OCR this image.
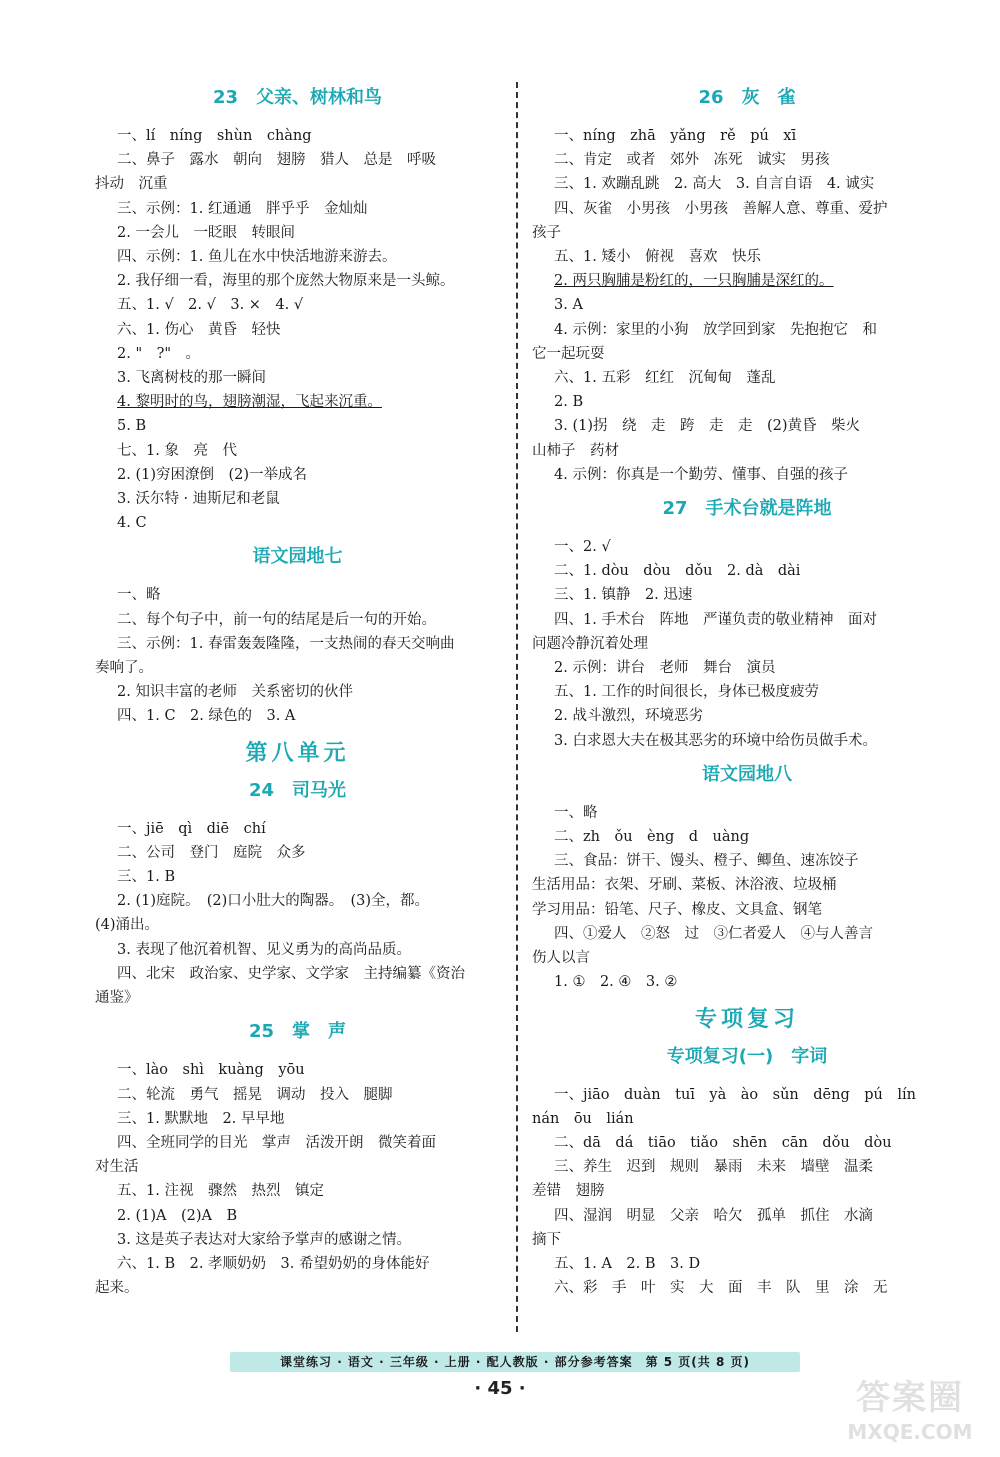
23　父亲、树林和鸟
一、lí　níng　shùn　chàng
二、鼻子　露水　朝向　翅膀　猎人　总是　呼吸
抖动　沉重
三、示例：1. 红通通　胖乎乎　金灿灿
2. 一会儿　一眨眼　转眼间
四、示例：1. 鱼儿在水中快活地游来游去。
2. 我仔细一看，海里的那个庞然大物原来是一头鲸。
五、1. √　2. √　3. ×　4. √
六、1. 伤心　黄昏　轻快
2. "　?"　。
3. 飞离树枝的那一瞬间
4. 黎明时的鸟，翅膀潮湿，飞起来沉重。
5. B
七、1. 象　亮　代
2. (1)穷困潦倒　(2)一举成名
3. 沃尔特 · 迪斯尼和老鼠
4. C
语文园地七
一、略
二、每个句子中，前一句的结尾是后一句的开始。
三、示例：1. 春雷轰轰隆隆，一支热闹的春天交响曲
奏响了。
2. 知识丰富的老师　关系密切的伙伴
四、1. C　2. 绿色的　3. A
第八单元
24　司马光
一、jiē　qì　diē　chí
二、公司　登门　庭院　众多
三、1. B
2. (1)庭院。　(2)口小肚大的陶器。　(3)全，都。
(4)涌出。
3. 表现了他沉着机智、见义勇为的高尚品质。
四、北宋　政治家、史学家、文学家　主持编纂《资治
通鉴》
25　掌　声
一、lào　shì　kuàng　yōu
二、轮流　勇气　摇晃　调动　投入　腿脚
三、1. 默默地　2. 早早地
四、全班同学的目光　掌声　活泼开朗　微笑着面
对生活
五、1. 注视　骤然　热烈　镇定
2. (1)A　(2)A　B
3. 这是英子表达对大家给予掌声的感谢之情。
六、1. B　2. 孝顺奶奶　3. 希望奶奶的身体能好
起来。
26　灰　雀
一、níng　zhā　yǎng　rě　pú　xī
二、肯定　或者　郊外　冻死　诚实　男孩
三、1. 欢蹦乱跳　2. 高大　3. 自言自语　4. 诚实
四、灰雀　小男孩　小男孩　善解人意、尊重、爱护
孩子
五、1. 矮小　俯视　喜欢　快乐
2. 两只胸脯是粉红的，一只胸脯是深红的。
3. A
4. 示例：家里的小狗　放学回到家　先抱抱它　和
它一起玩耍
六、1. 五彩　红红　沉甸甸　蓬乱
2. B
3. (1)拐　绕　走　跨　走　走　(2)黄昏　柴火
山柿子　药材
4. 示例：你真是一个勤劳、懂事、自强的孩子
27　手术台就是阵地
一、2. √
二、1. dòu　dòu　dǒu　2. dà　dài
三、1. 镇静　2. 迅速
四、1. 手术台　阵地　严谨负责的敬业精神　面对
问题冷静沉着处理
2. 示例：讲台　老师　舞台　演员
五、1. 工作的时间很长，身体已极度疲劳
2. 战斗激烈，环境恶劣
3. 白求恩大夫在极其恶劣的环境中给伤员做手术。
语文园地八
一、略
二、zh　ǒu　èng　d　uàng
三、食品：饼干、馒头、橙子、鲫鱼、速冻饺子
生活用品：衣架、牙刷、菜板、沐浴液、垃圾桶
学习用品：铅笔、尺子、橡皮、文具盒、钢笔
四、①爱人　②怒　过　③仁者爱人　④与人善言
伤人以言
1. ①　2. ④　3. ②
专项复习
专项复习(一)　字词
一、jiāo　duàn　tuī　yà　ào　sǔn　dēng　pú　lín
nán　ōu　lián
二、dā　dá　tiāo　tiǎo　shēn　cān　dǒu　dòu
三、养生　迟到　规则　暴雨　未来　墙壁　温柔
差错　翅膀
四、湿润　明显　父亲　哈欠　孤单　抓住　水滴
摘下
五、1. A　2. B　3. D
六、彩　手　叶　实　大　面　丰　队　里　涂　无
课堂练习 · 语文 · 三年级 · 上册 · 配人教版 · 部分参考答案　第 5 页(共 8 页)
· 45 ·	答案圈
MXQE.COM
